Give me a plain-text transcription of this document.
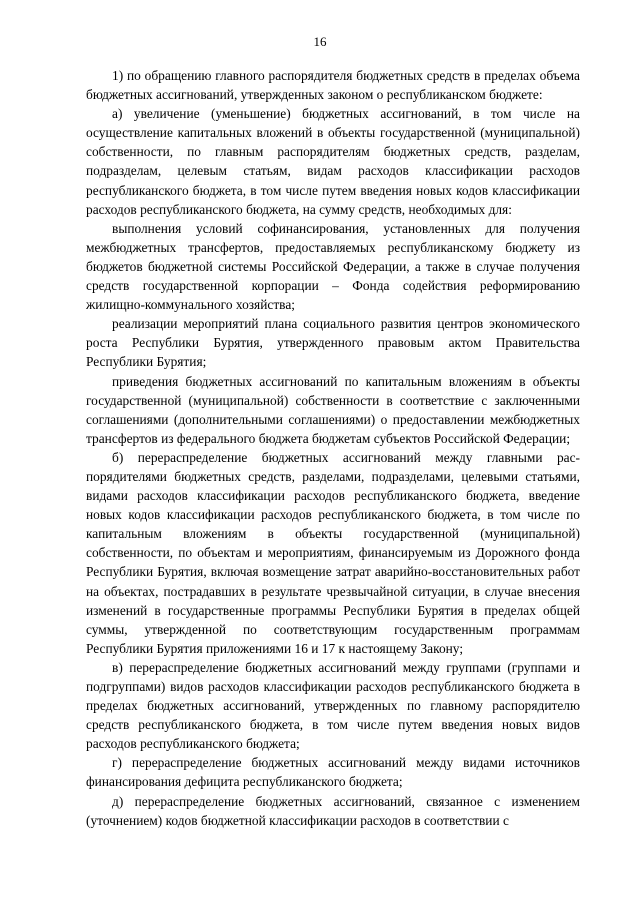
16

1) по обращению главного распорядителя бюджетных средств в пределах объема бюджетных ассигнований, утвержденных законом о республиканском бюджете:

а) увеличение (уменьшение) бюджетных ассигнований, в том числе на осуществление капитальных вложений в объекты государственной (муниципальной) собственности, по главным распорядителям бюджетных средств, разделам, подразделам, целевым статьям, видам расходов классификации расходов республиканского бюджета, в том числе путем введения новых кодов классификации расходов республиканского бюджета, на сумму средств, необходимых для:

выполнения условий софинансирования, установленных для получения межбюджетных трансфертов, предоставляемых республиканскому бюджету из бюджетов бюджетной системы Российской Федерации, а также в случае получения средств государственной корпорации – Фонда содействия реформированию жилищно-коммунального хозяйства;

реализации мероприятий плана социального развития центров экономического роста Республики Бурятия, утвержденного правовым актом Правительства Республики Бурятия;

приведения бюджетных ассигнований по капитальным вложениям в объекты государственной (муниципальной) собственности в соответствие с заключенными соглашениями (дополнительными соглашениями) о предоставлении межбюджетных трансфертов из федерального бюджета бюджетам субъектов Российской Федерации;

б) перераспределение бюджетных ассигнований между главными распорядителями бюджетных средств, разделами, подразделами, целевыми статьями, видами расходов классификации расходов республиканского бюджета, введение новых кодов классификации расходов республиканского бюджета, в том числе по капитальным вложениям в объекты государственной (муниципальной) собственности, по объектам и мероприятиям, финансируемым из Дорожного фонда Республики Бурятия, включая возмещение затрат аварийно-восстановительных работ на объектах, пострадавших в результате чрезвычайной ситуации, в случае внесения изменений в государственные программы Республики Бурятия в пределах общей суммы, утвержденной по соответствующим государственным программам Республики Бурятия приложениями 16 и 17 к настоящему Закону;

в) перераспределение бюджетных ассигнований между группами (группами и подгруппами) видов расходов классификации расходов республиканского бюджета в пределах бюджетных ассигнований, утвержденных по главному распорядителю средств республиканского бюджета, в том числе путем введения новых видов расходов республиканского бюджета;

г) перераспределение бюджетных ассигнований между видами источников финансирования дефицита республиканского бюджета;

д) перераспределение бюджетных ассигнований, связанное с изменением (уточнением) кодов бюджетной классификации расходов в соответствии с
